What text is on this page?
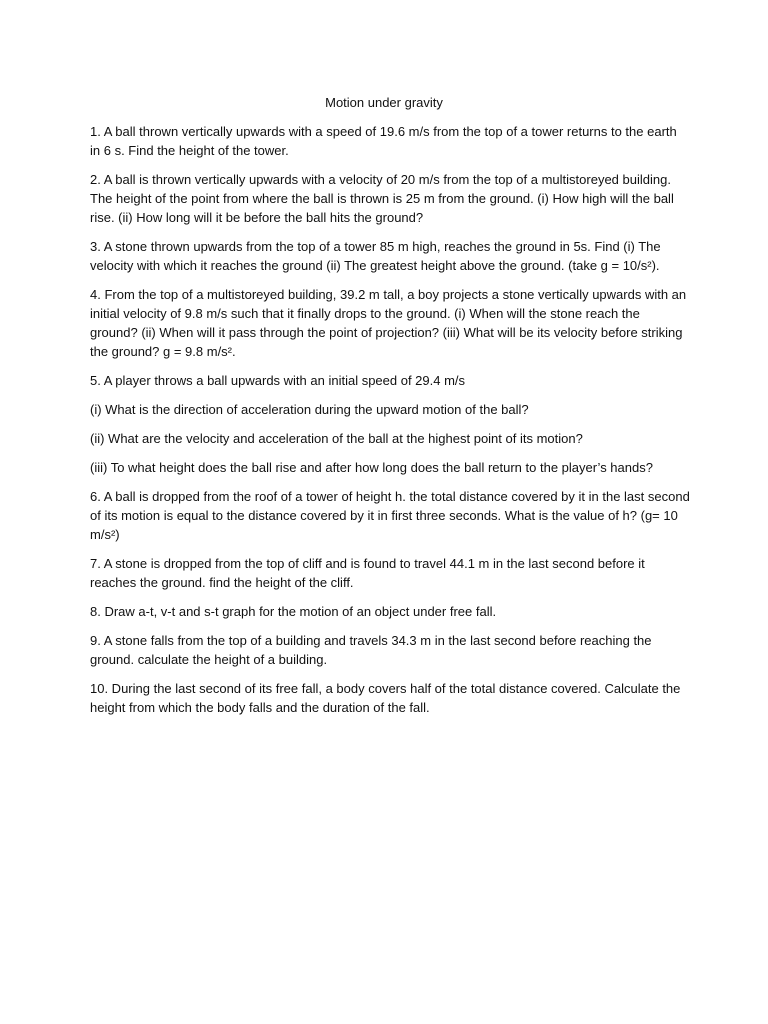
Motion under gravity

1. A ball thrown vertically upwards with a speed of 19.6 m/s from the top of a tower returns to the earth in 6 s. Find the height of the tower.

2. A ball is thrown vertically upwards with a velocity of 20 m/s from the top of a multistoreyed building. The height of the point from where the ball is thrown is 25 m from the ground. (i) How high will the ball rise. (ii) How long will it be before the ball hits the ground?

3. A stone thrown upwards from the top of a tower 85 m high, reaches the ground in 5s. Find (i) The velocity with which it reaches the ground (ii) The greatest height above the ground. (take g = 10/s²).

4. From the top of a multistoreyed building, 39.2 m tall, a boy projects a stone vertically upwards with an initial velocity of 9.8 m/s such that it finally drops to the ground. (i) When will the stone reach the ground? (ii) When will it pass through the point of projection? (iii) What will be its velocity before striking the ground? g = 9.8 m/s².

5. A player throws a ball upwards with an initial speed of 29.4 m/s

(i) What is the direction of acceleration during the upward motion of the ball?

(ii) What are the velocity and acceleration of the ball at the highest point of its motion?

(iii) To what height does the ball rise and after how long does the ball return to the player’s hands?

6. A ball is dropped from the roof of a tower of height h. the total distance covered by it in the last second of its motion is equal to the distance covered by it in first three seconds. What is the value of h? (g= 10 m/s²)

7. A stone is dropped from the top of cliff and is found to travel 44.1 m in the last second before it reaches the ground. find the height of the cliff.

8. Draw a-t, v-t and s-t graph for the motion of an object under free fall.

9. A stone falls from the top of a building and travels 34.3 m in the last second before reaching the ground. calculate the height of a building.

10. During the last second of its free fall, a body covers half of the total distance covered. Calculate the height from which the body falls and the duration of the fall.
